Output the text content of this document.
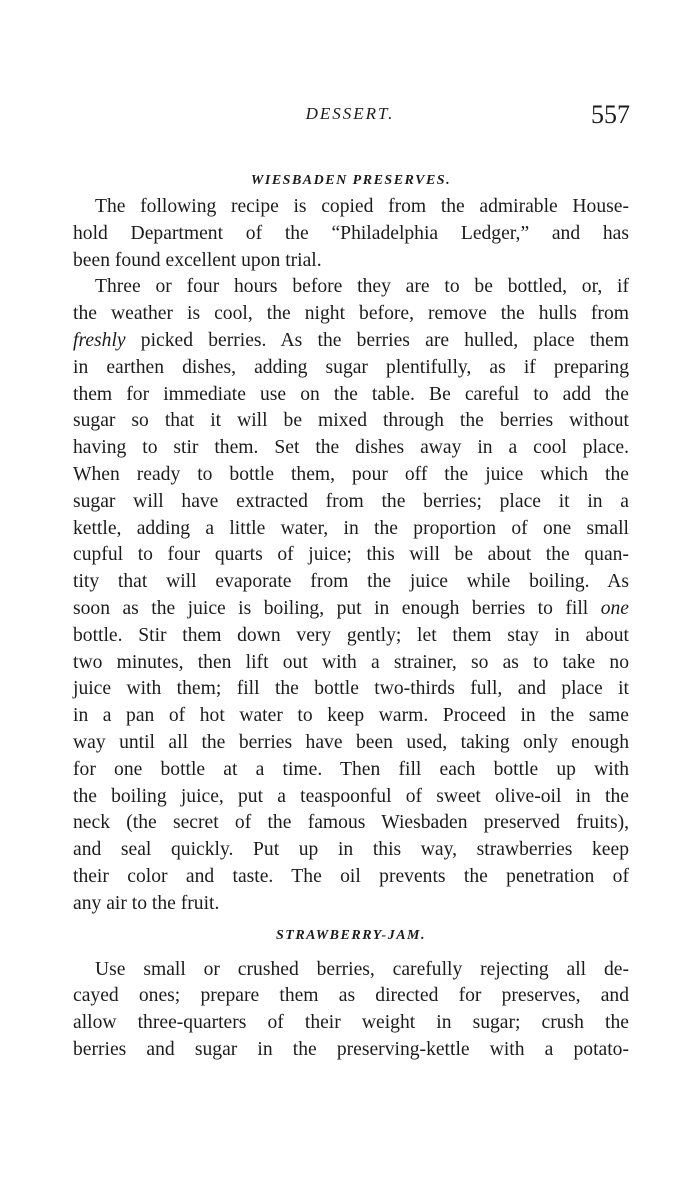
DESSERT.	557
WIESBADEN PRESERVES.
The following recipe is copied from the admirable House-
hold Department of the “Philadelphia Ledger,” and has
been found excellent upon trial.
Three or four hours before they are to be bottled, or, if
the weather is cool, the night before, remove the hulls from
freshly picked berries. As the berries are hulled, place them
in earthen dishes, adding sugar plentifully, as if preparing
them for immediate use on the table. Be careful to add the
sugar so that it will be mixed through the berries without
having to stir them. Set the dishes away in a cool place.
When ready to bottle them, pour off the juice which the
sugar will have extracted from the berries; place it in a
kettle, adding a little water, in the proportion of one small
cupful to four quarts of juice; this will be about the quan-
tity that will evaporate from the juice while boiling. As
soon as the juice is boiling, put in enough berries to fill one
bottle. Stir them down very gently; let them stay in about
two minutes, then lift out with a strainer, so as to take no
juice with them; fill the bottle two-thirds full, and place it
in a pan of hot water to keep warm. Proceed in the same
way until all the berries have been used, taking only enough
for one bottle at a time. Then fill each bottle up with
the boiling juice, put a teaspoonful of sweet olive-oil in the
neck (the secret of the famous Wiesbaden preserved fruits),
and seal quickly. Put up in this way, strawberries keep
their color and taste. The oil prevents the penetration of
any air to the fruit.
STRAWBERRY-JAM.
Use small or crushed berries, carefully rejecting all de-
cayed ones; prepare them as directed for preserves, and
allow three-quarters of their weight in sugar; crush the
berries and sugar in the preserving-kettle with a potato-
